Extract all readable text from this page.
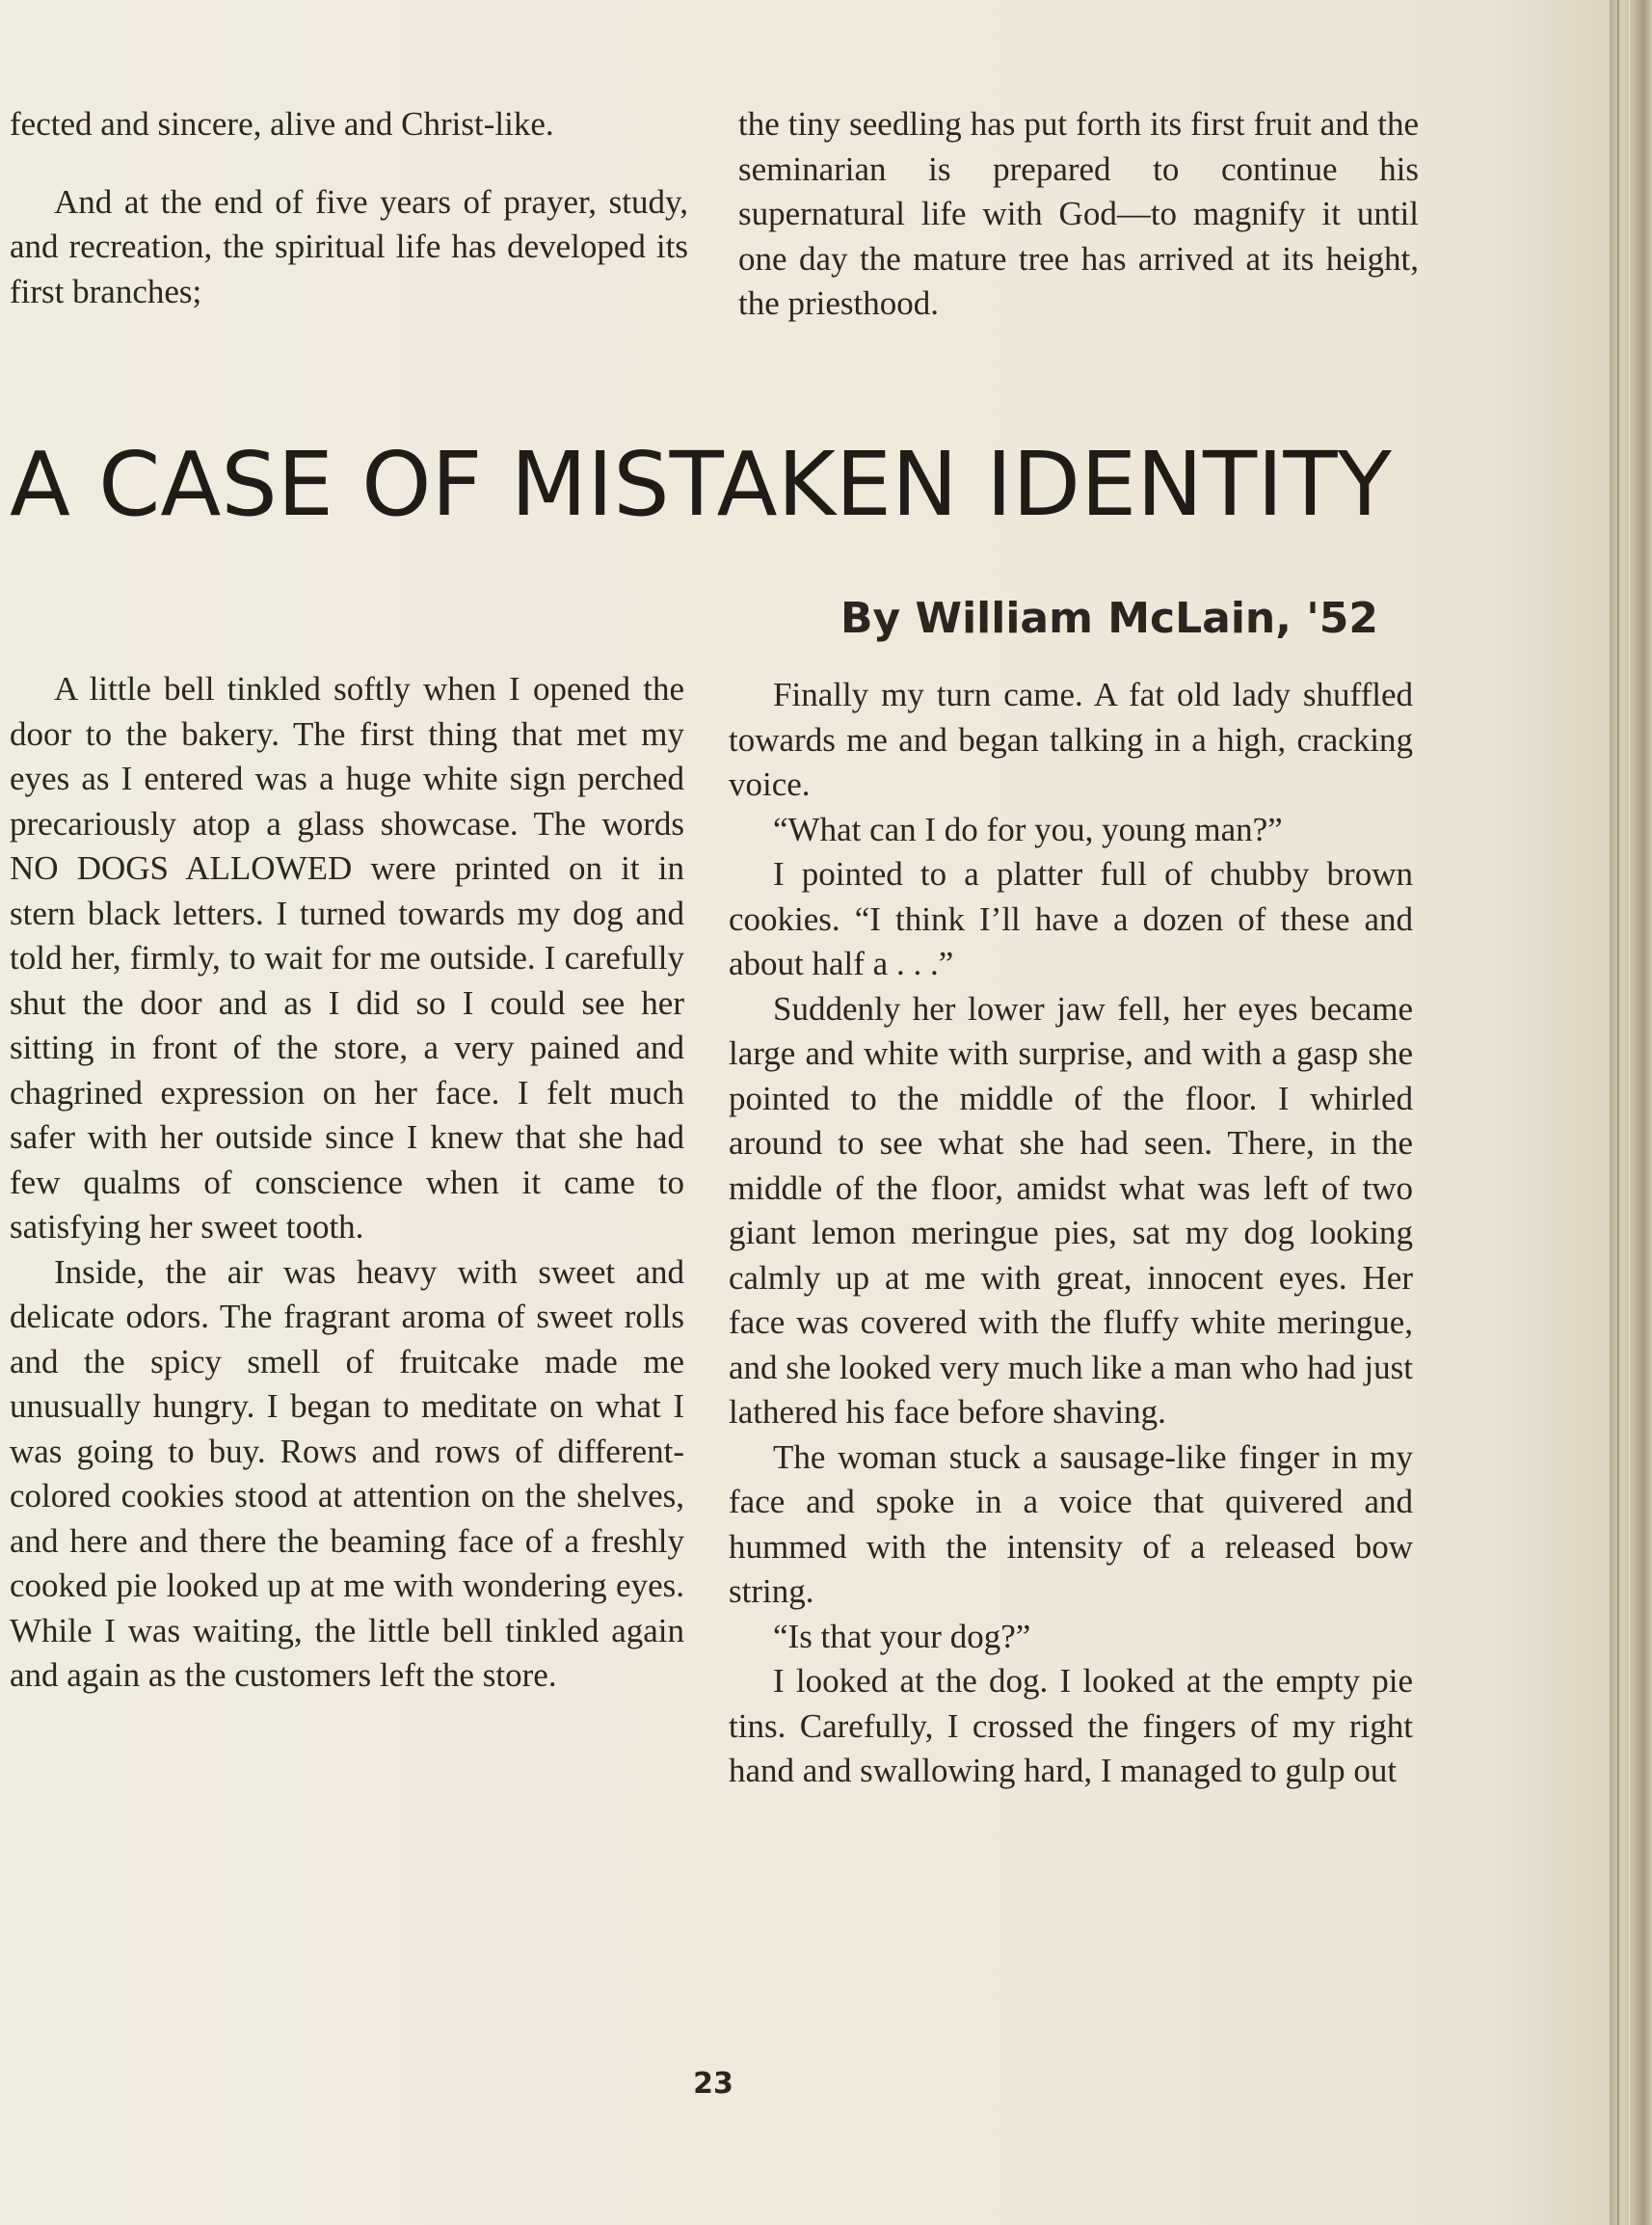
fected and sincere, alive and Christ-like.

And at the end of five years of prayer, study, and recreation, the spiritual life has developed its first branches;

the tiny seedling has put forth its first fruit and the seminarian is prepared to continue his supernatural life with God—to magnify it until one day the mature tree has arrived at its height, the priesthood.

A CASE OF MISTAKEN IDENTITY
By William McLain, '52

A little bell tinkled softly when I opened the door to the bakery. The first thing that met my eyes as I entered was a huge white sign perched precariously atop a glass showcase. The words NO DOGS ALLOWED were printed on it in stern black letters. I turned towards my dog and told her, firmly, to wait for me outside. I carefully shut the door and as I did so I could see her sitting in front of the store, a very pained and chagrined expression on her face. I felt much safer with her outside since I knew that she had few qualms of conscience when it came to satisfying her sweet tooth.

Inside, the air was heavy with sweet and delicate odors. The fragrant aroma of sweet rolls and the spicy smell of fruitcake made me unusually hungry. I began to meditate on what I was going to buy. Rows and rows of different-colored cookies stood at attention on the shelves, and here and there the beaming face of a freshly cooked pie looked up at me with wondering eyes. While I was waiting, the little bell tinkled again and again as the customers left the store.

Finally my turn came. A fat old lady shuffled towards me and began talking in a high, cracking voice.

“What can I do for you, young man?”

I pointed to a platter full of chubby brown cookies. “I think I’ll have a dozen of these and about half a . . .”

Suddenly her lower jaw fell, her eyes became large and white with surprise, and with a gasp she pointed to the middle of the floor. I whirled around to see what she had seen. There, in the middle of the floor, amidst what was left of two giant lemon meringue pies, sat my dog looking calmly up at me with great, innocent eyes. Her face was covered with the fluffy white meringue, and she looked very much like a man who had just lathered his face before shaving.

The woman stuck a sausage-like finger in my face and spoke in a voice that quivered and hummed with the intensity of a released bow string.

“Is that your dog?”

I looked at the dog. I looked at the empty pie tins. Carefully, I crossed the fingers of my right hand and swallowing hard, I managed to gulp out

23
